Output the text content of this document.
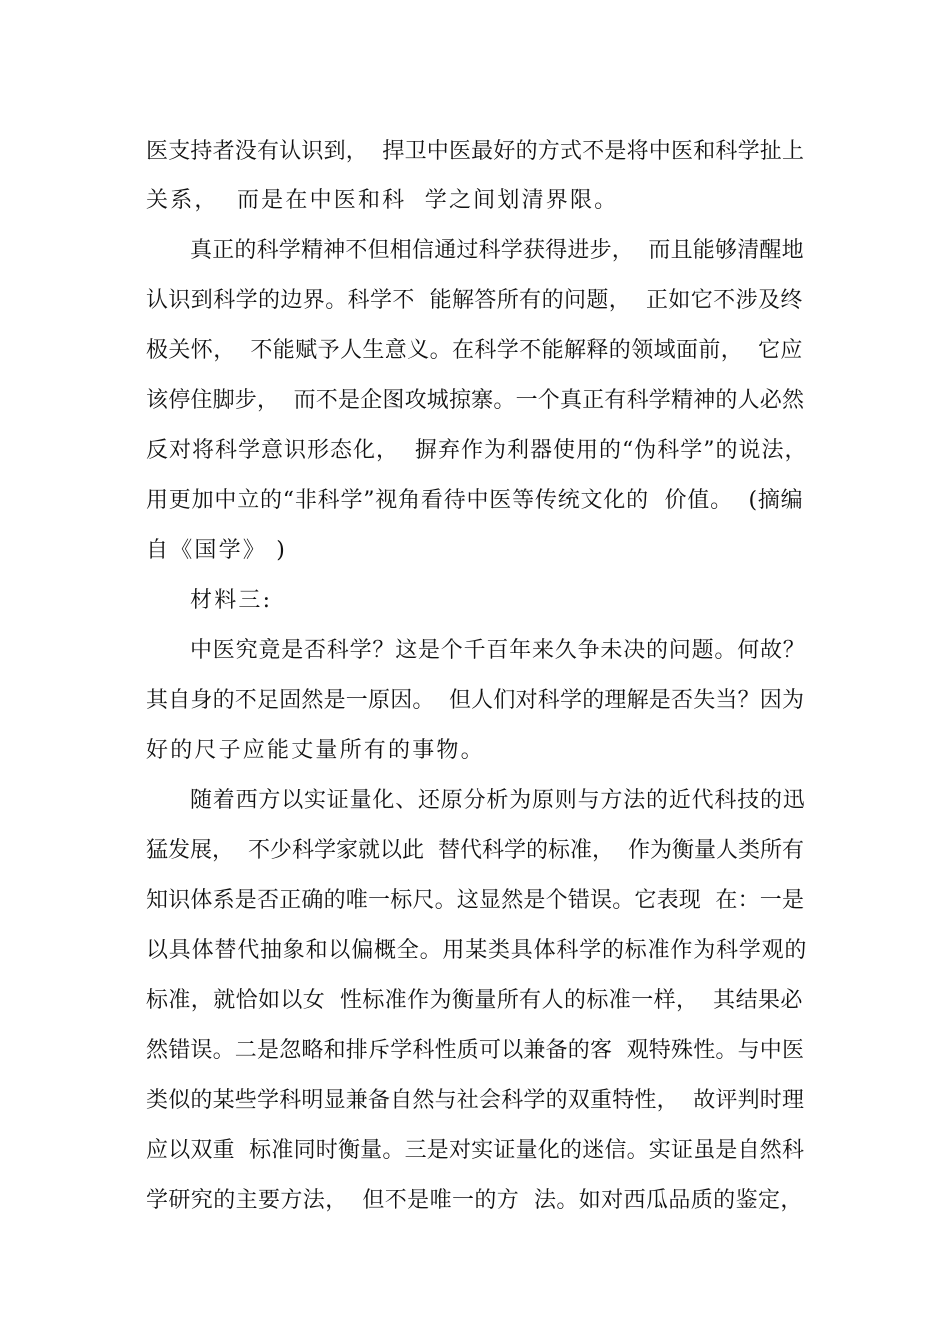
医支持者没有认识到，  捍卫中医最好的方式不是将中医和科学扯上
关系，  而是在中医和科  学之间划清界限。
真正的科学精神不但相信通过科学获得进步，  而且能够清醒地
认识到科学的边界。科学不  能解答所有的问题，  正如它不涉及终
极关怀，  不能赋予人生意义。在科学不能解释的领域面前，  它应
该停住脚步，  而不是企图攻城掠寨。一个真正有科学精神的人必然
反对将科学意识形态化，  摒弃作为利器使用的“伪科学”的说法，
用更加中立的“非科学”视角看待中医等传统文化的  价值。  (摘编
自《国学》 )
材料三:
中医究竟是否科学？这是个千百年来久争未决的问题。何故？
其自身的不足固然是一原因。  但人们对科学的理解是否失当？因为
好的尺子应能丈量所有的事物。
随着西方以实证量化、还原分析为原则与方法的近代科技的迅
猛发展，  不少科学家就以此  替代科学的标准，  作为衡量人类所有
知识体系是否正确的唯一标尺。这显然是个错误。它表现  在：一是
以具体替代抽象和以偏概全。用某类具体科学的标准作为科学观的
标准，就恰如以女  性标准作为衡量所有人的标准一样，  其结果必
然错误。二是忽略和排斥学科性质可以兼备的客  观特殊性。与中医
类似的某些学科明显兼备自然与社会科学的双重特性，  故评判时理
应以双重  标准同时衡量。三是对实证量化的迷信。实证虽是自然科
学研究的主要方法，  但不是唯一的方  法。如对西瓜品质的鉴定，
